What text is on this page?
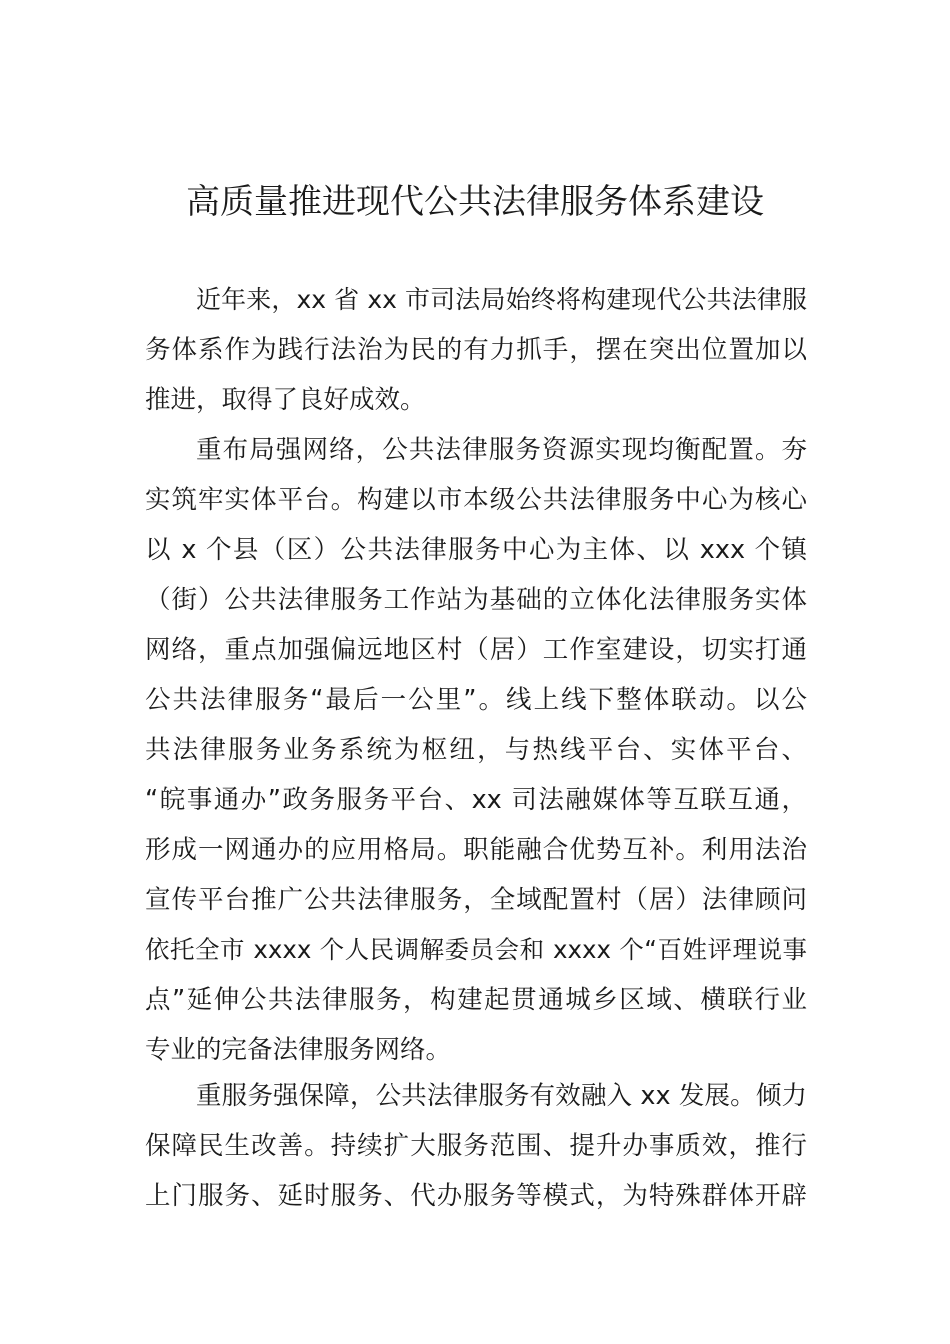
高质量推进现代公共法律服务体系建设
近年来，xx 省 xx 市司法局始终将构建现代公共法律服
务体系作为践行法治为民的有力抓手，摆在突出位置加以
推进，取得了良好成效。
重布局强网络，公共法律服务资源实现均衡配置。夯
实筑牢实体平台。构建以市本级公共法律服务中心为核心
以 x 个县（区）公共法律服务中心为主体、以 xxx 个镇
（街）公共法律服务工作站为基础的立体化法律服务实体
网络，重点加强偏远地区村（居）工作室建设，切实打通
公共法律服务“最后一公里”。线上线下整体联动。以公
共法律服务业务系统为枢纽，与热线平台、实体平台、
“皖事通办”政务服务平台、xx 司法融媒体等互联互通，
形成一网通办的应用格局。职能融合优势互补。利用法治
宣传平台推广公共法律服务，全域配置村（居）法律顾问
依托全市 xxxx 个人民调解委员会和 xxxx 个“百姓评理说事
点”延伸公共法律服务，构建起贯通城乡区域、横联行业
专业的完备法律服务网络。
重服务强保障，公共法律服务有效融入 xx 发展。倾力
保障民生改善。持续扩大服务范围、提升办事质效，推行
上门服务、延时服务、代办服务等模式，为特殊群体开辟
